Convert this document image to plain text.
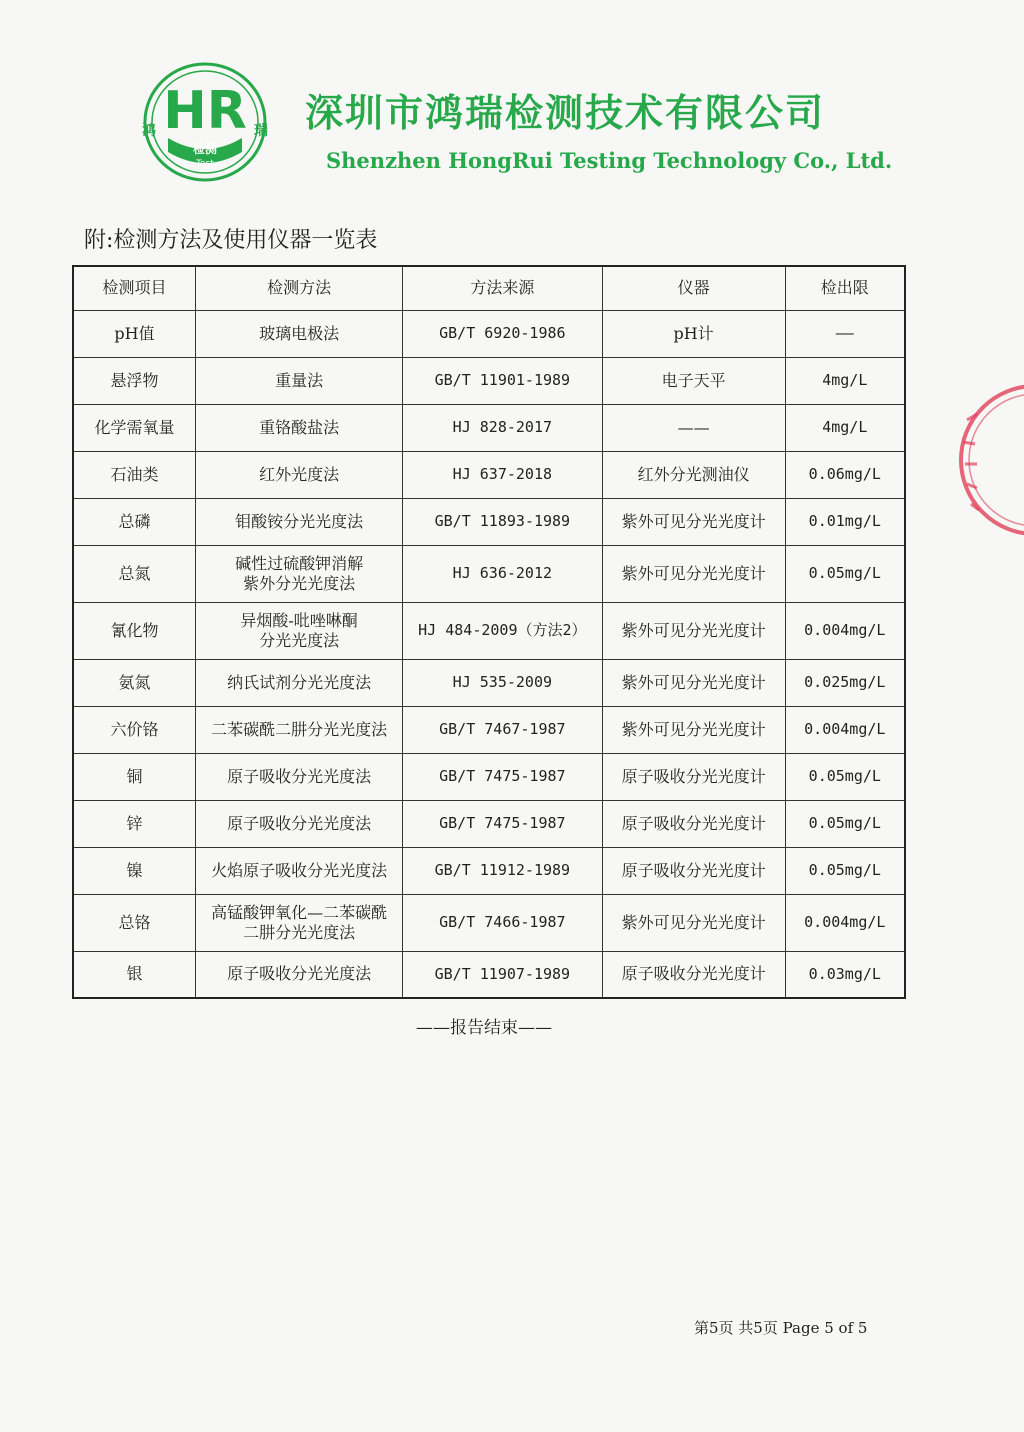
HR
鸿	瑞
检测
Test
深圳市鸿瑞检测技术有限公司
Shenzhen HongRui Testing Technology Co., Ltd.
附:检测方法及使用仪器一览表
检测项目	检测方法	方法来源	仪器	检出限
pH值	玻璃电极法	GB/T 6920-1986	pH计	——
悬浮物	重量法	GB/T 11901-1989	电子天平	4mg/L
化学需氧量	重铬酸盐法	HJ 828-2017	——	4mg/L
石油类	红外光度法	HJ 637-2018	红外分光测油仪	0.06mg/L
总磷	钼酸铵分光光度法	GB/T 11893-1989	紫外可见分光光度计	0.01mg/L
总氮	碱性过硫酸钾消解
紫外分光光度法	HJ 636-2012	紫外可见分光光度计	0.05mg/L
氰化物	异烟酸-吡唑啉酮
分光光度法	HJ 484-2009（方法2）	紫外可见分光光度计	0.004mg/L
氨氮	纳氏试剂分光光度法	HJ 535-2009	紫外可见分光光度计	0.025mg/L
六价铬	二苯碳酰二肼分光光度法	GB/T 7467-1987	紫外可见分光光度计	0.004mg/L
铜	原子吸收分光光度法	GB/T 7475-1987	原子吸收分光光度计	0.05mg/L
锌	原子吸收分光光度法	GB/T 7475-1987	原子吸收分光光度计	0.05mg/L
镍	火焰原子吸收分光光度法	GB/T 11912-1989	原子吸收分光光度计	0.05mg/L
总铬	高锰酸钾氧化—二苯碳酰
二肼分光光度法	GB/T 7466-1987	紫外可见分光光度计	0.004mg/L
银	原子吸收分光光度法	GB/T 11907-1989	原子吸收分光光度计	0.03mg/L
——报告结束——
第5页 共5页 Page 5 of 5
